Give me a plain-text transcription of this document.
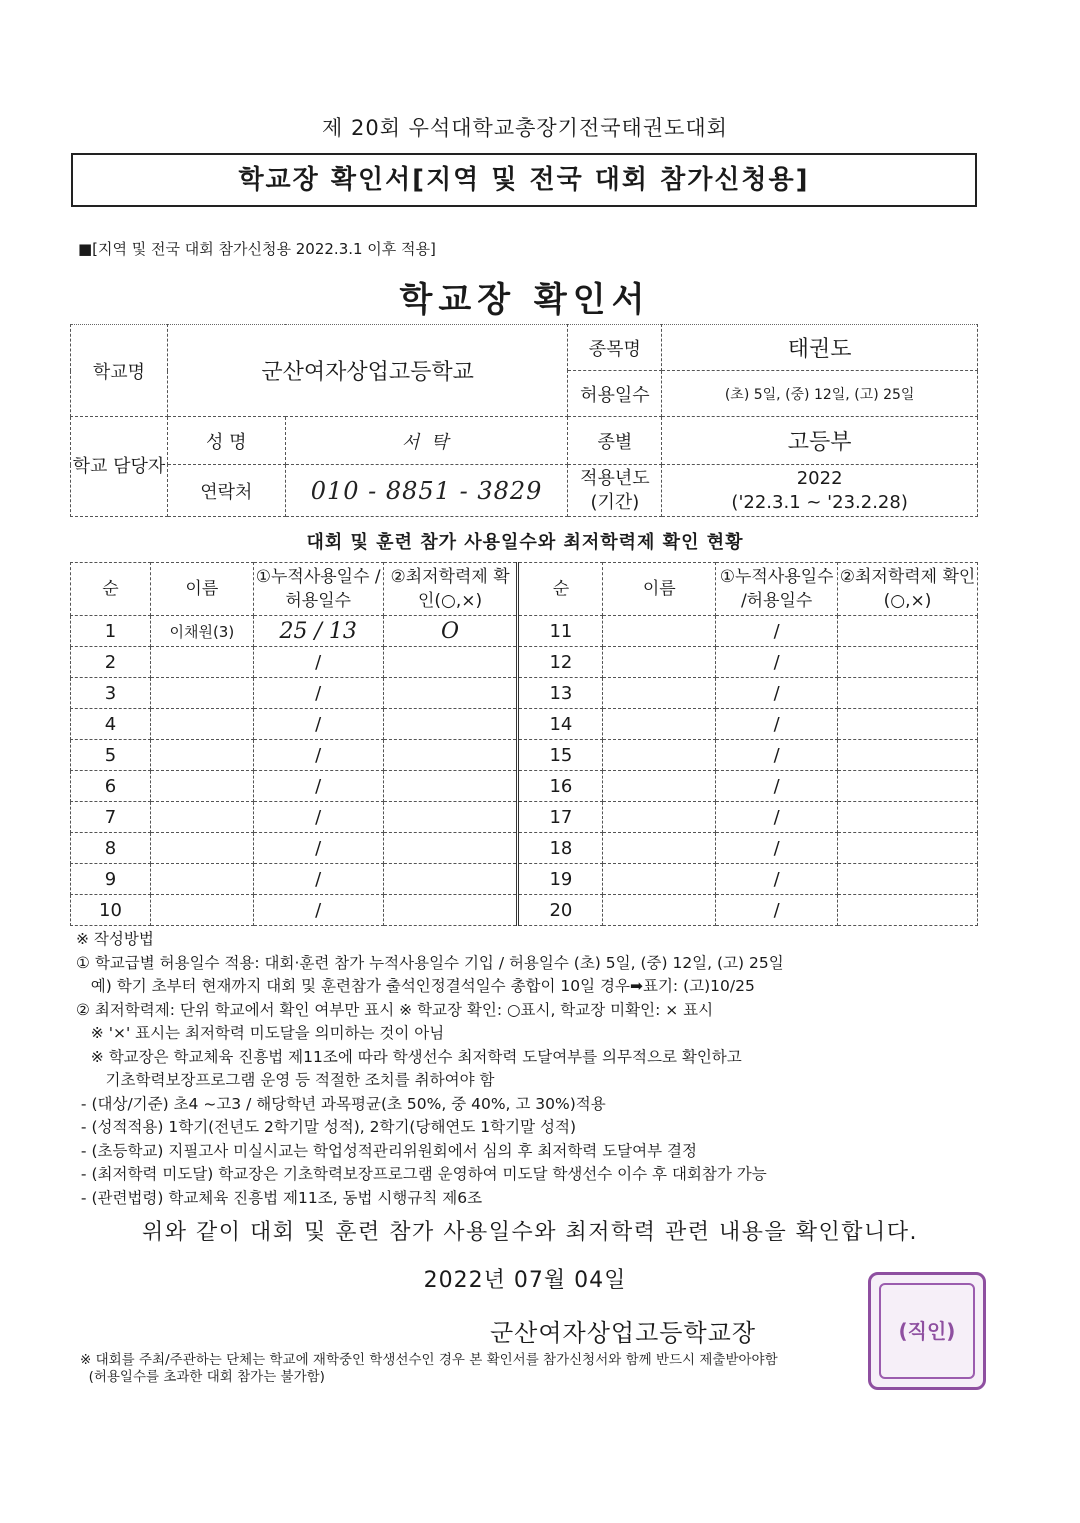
제 20회 우석대학교총장기전국태권도대회
학교장 확인서[지역 및 전국 대회 참가신청용]
■[지역 및 전국 대회 참가신청용 2022.3.1 이후 적용]
학교장 확인서
학교명	군산여자상업고등학교		종목명	태권도
			허용일수	(초) 5일, (중) 12일, (고) 25일
학교 담당자	성 명	서 탁	종별	고등부
	연락처	010 - 8851 - 3829	적용년도 (기간)	2022
('22.3.1 ~ '23.2.28)
대회 및 훈련 참가 사용일수와 최저학력제 확인 현황
순	이름	①누적사용일수 /허용일수	②최저학력제 확인(○,×)	순	이름	①누적사용일수 /허용일수	②최저학력제 확인(○,×)
1	이채원(3)	25 / 13	O	11		/	
2		/		12		/	
3		/		13		/	
4		/		14		/	
5		/		15		/	
6		/		16		/	
7		/		17		/	
8		/		18		/	
9		/		19		/	
10		/		20		/	
※ 작성방법
① 학교급별 허용일수 적용: 대회·훈련 참가 누적사용일수 기입 / 허용일수 (초) 5일, (중) 12일, (고) 25일
예) 학기 초부터 현재까지 대회 및 훈련참가 출석인정결석일수 총합이 10일 경우➡표기: (고)10/25
② 최저학력제: 단위 학교에서 확인 여부만 표시 ※ 학교장 확인: ○표시, 학교장 미확인: × 표시
※ '×' 표시는 최저학력 미도달을 의미하는 것이 아님
※ 학교장은 학교체육 진흥법 제11조에 따라 학생선수 최저학력 도달여부를 의무적으로 확인하고
기초학력보장프로그램 운영 등 적절한 조치를 취하여야 함
- (대상/기준) 초4 ~고3 / 해당학년 과목평균(초 50%, 중 40%, 고 30%)적용
- (성적적용) 1학기(전년도 2학기말 성적), 2학기(당해연도 1학기말 성적)
- (초등학교) 지필고사 미실시교는 학업성적관리위원회에서 심의 후 최저학력 도달여부 결정
- (최저학력 미도달) 학교장은 기초학력보장프로그램 운영하여 미도달 학생선수 이수 후 대회참가 가능
- (관련법령) 학교체육 진흥법 제11조, 동법 시행규칙 제6조
위와 같이 대회 및 훈련 참가 사용일수와 최저학력 관련 내용을 확인합니다.
2022년 07월 04일
군산여자상업고등학교장	(직인)
※ 대회를 주최/주관하는 단체는 학교에 재학중인 학생선수인 경우 본 확인서를 참가신청서와 함께 반드시 제출받아야함
(허용일수를 초과한 대회 참가는 불가함)
